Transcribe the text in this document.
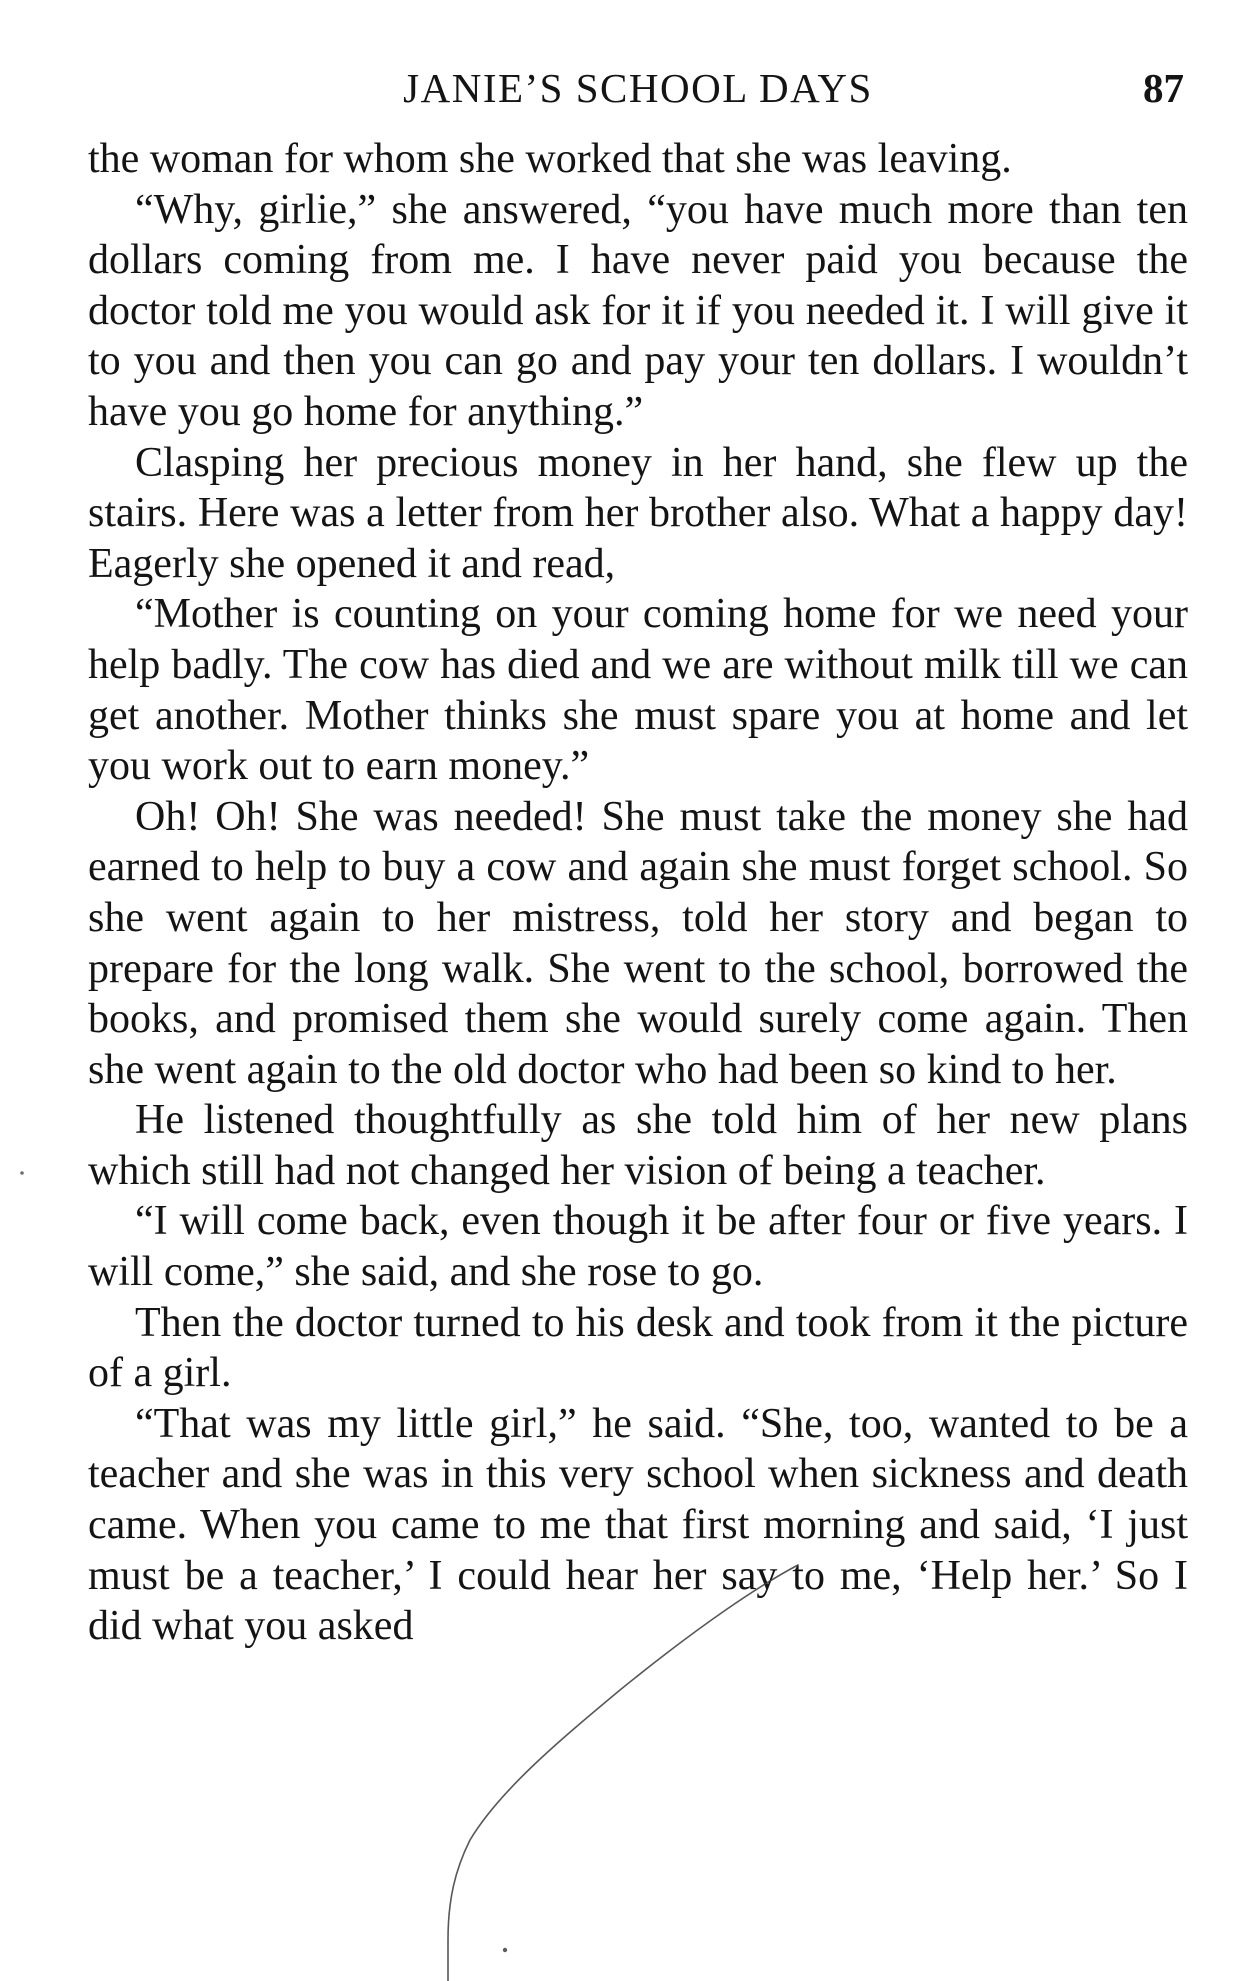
JANIE’S SCHOOL DAYS	87

the woman for whom she worked that she was leaving.

“Why, girlie,” she answered, “you have much more than ten dollars coming from me. I have never paid you because the doctor told me you would ask for it if you needed it. I will give it to you and then you can go and pay your ten dollars. I wouldn’t have you go home for anything.”

Clasping her precious money in her hand, she flew up the stairs. Here was a letter from her brother also. What a happy day! Eagerly she opened it and read,

“Mother is counting on your coming home for we need your help badly. The cow has died and we are without milk till we can get another. Mother thinks she must spare you at home and let you work out to earn money.”

Oh! Oh! She was needed! She must take the money she had earned to help to buy a cow and again she must forget school. So she went again to her mistress, told her story and began to prepare for the long walk. She went to the school, borrowed the books, and promised them she would surely come again. Then she went again to the old doctor who had been so kind to her.

He listened thoughtfully as she told him of her new plans which still had not changed her vision of being a teacher.

“I will come back, even though it be after four or five years. I will come,” she said, and she rose to go.

Then the doctor turned to his desk and took from it the picture of a girl.

“That was my little girl,” he said. “She, too, wanted to be a teacher and she was in this very school when sickness and death came. When you came to me that first morning and said, ‘I just must be a teacher,’ I could hear her say to me, ‘Help her.’ So I did what you asked
